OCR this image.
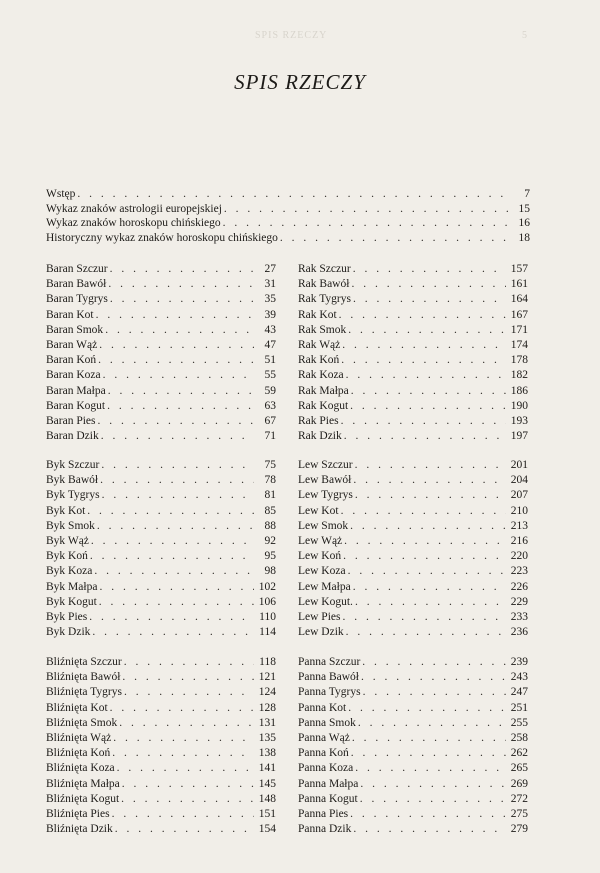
SPIS RZECZY	5
SPIS RZECZY
Wstęp . . .	7
Wykaz znaków astrologii europejskiej . . .	15
Wykaz znaków horoskopu chińskiego . . .	16
Historyczny wykaz znaków horoskopu chińskiego . . .	18
Baran Szczur . . .	27
Baran Bawół . . .	31
Baran Tygrys . . .	35
Baran Kot . . .	39
Baran Smok . . .	43
Baran Wąż . . .	47
Baran Koń . . .	51
Baran Koza . . .	55
Baran Małpa . . .	59
Baran Kogut . . .	63
Baran Pies . . .	67
Baran Dzik . . .	71
Rak Szczur . . .	157
Rak Bawół . . .	161
Rak Tygrys . . .	164
Rak Kot . . .	167
Rak Smok . . .	171
Rak Wąż . . .	174
Rak Koń . . .	178
Rak Koza . . .	182
Rak Małpa . . .	186
Rak Kogut . . .	190
Rak Pies . . .	193
Rak Dzik . . .	197
Byk Szczur . . .	75
Byk Bawół . . .	78
Byk Tygrys . . .	81
Byk Kot . . .	85
Byk Smok . . .	88
Byk Wąż . . .	92
Byk Koń . . .	95
Byk Koza . . .	98
Byk Małpa . . .	102
Byk Kogut . . .	106
Byk Pies . . .	110
Byk Dzik . . .	114
Lew Szczur . . .	201
Lew Bawół . . .	204
Lew Tygrys . . .	207
Lew Kot . . .	210
Lew Smok . . .	213
Lew Wąż . . .	216
Lew Koń . . .	220
Lew Koza . . .	223
Lew Małpa . . .	226
Lew Kogut. . . .	229
Lew Pies . . .	233
Lew Dzik . . .	236
Bliźnięta Szczur . . .	118
Bliźnięta Bawół . . .	121
Bliźnięta Tygrys . . .	124
Bliźnięta Kot . . .	128
Bliźnięta Smok . . .	131
Bliźnięta Wąż . . .	135
Bliźnięta Koń . . .	138
Bliźnięta Koza . . .	141
Bliźnięta Małpa . . .	145
Bliźnięta Kogut . . .	148
Bliźnięta Pies . . .	151
Bliźnięta Dzik . . .	154
Panna Szczur . . .	239
Panna Bawół . . .	243
Panna Tygrys . . .	247
Panna Kot . . .	251
Panna Smok . . .	255
Panna Wąż . . .	258
Panna Koń . . .	262
Panna Koza . . .	265
Panna Małpa . . .	269
Panna Kogut . . .	272
Panna Pies . . .	275
Panna Dzik . . .	279
